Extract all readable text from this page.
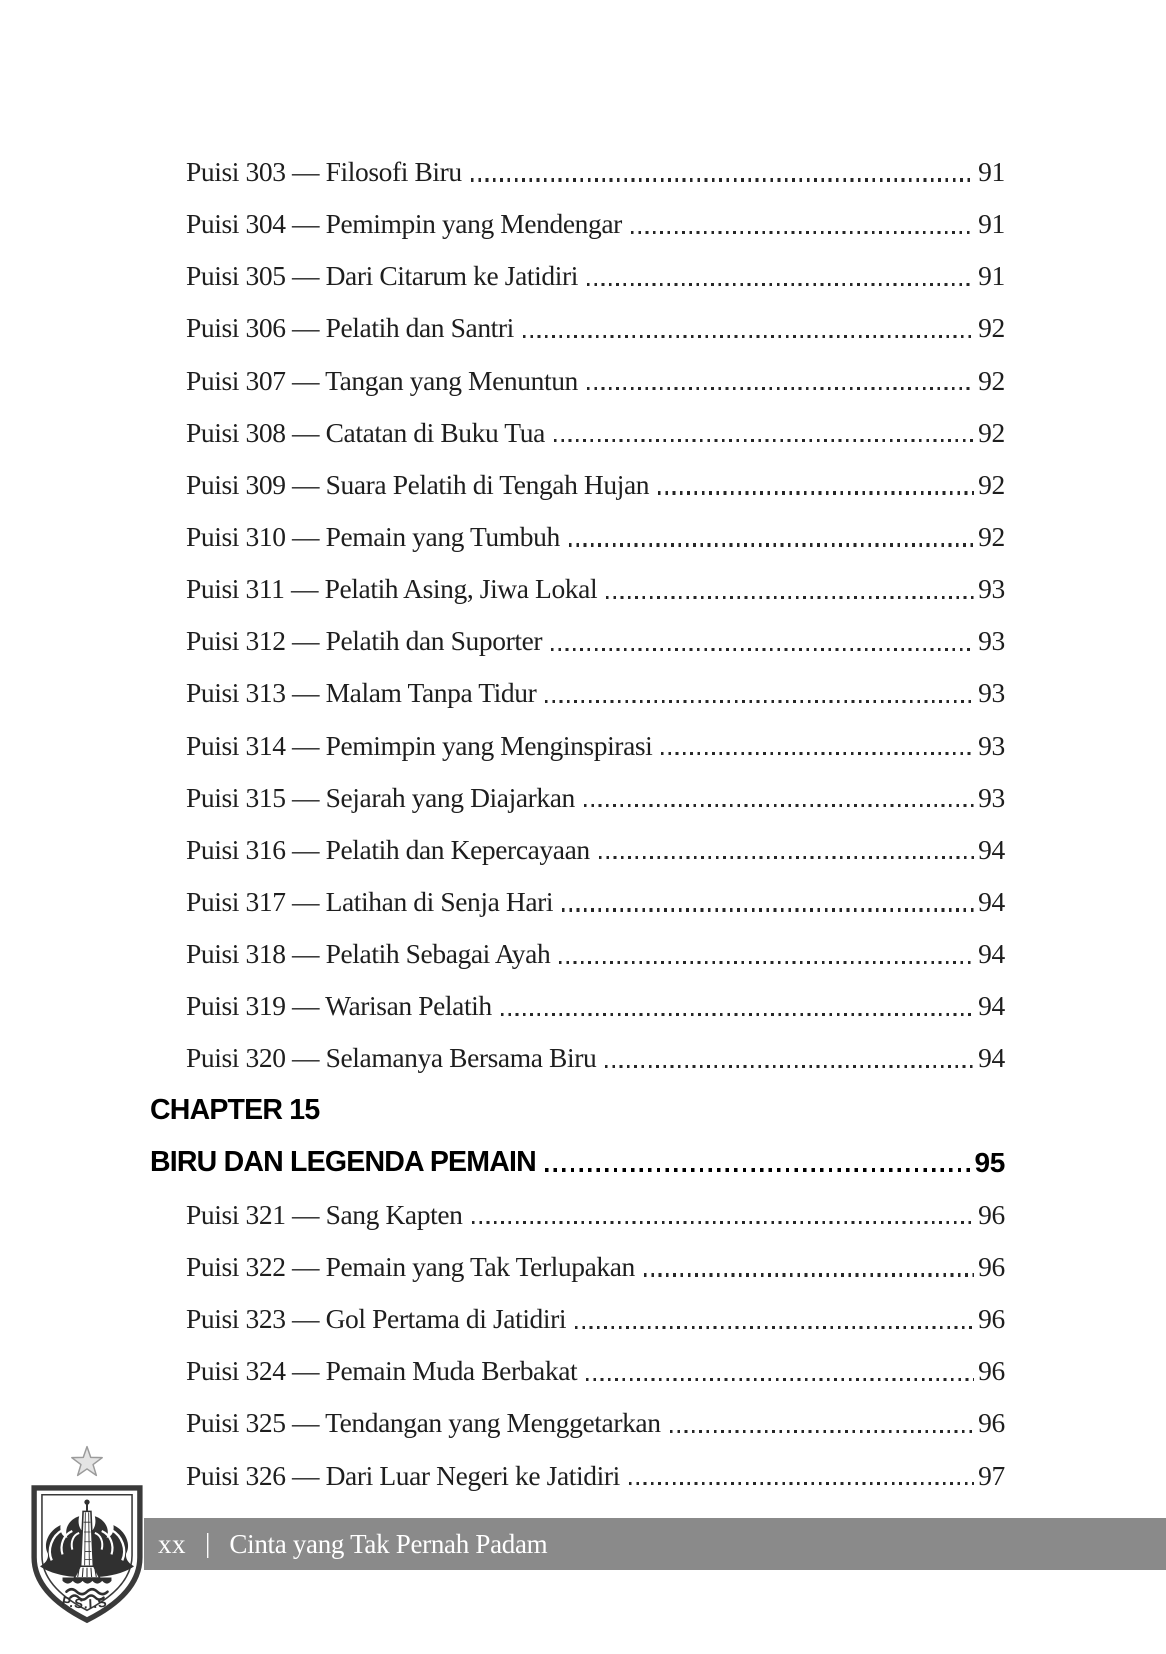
Puisi 303 — Filosofi Biru	91
Puisi 304 — Pemimpin yang Mendengar	91
Puisi 305 — Dari Citarum ke Jatidiri	91
Puisi 306 — Pelatih dan Santri	92
Puisi 307 — Tangan yang Menuntun	92
Puisi 308 — Catatan di Buku Tua	92
Puisi 309 — Suara Pelatih di Tengah Hujan	92
Puisi 310 — Pemain yang Tumbuh	92
Puisi 311 — Pelatih Asing, Jiwa Lokal	93
Puisi 312 — Pelatih dan Suporter	93
Puisi 313 — Malam Tanpa Tidur	93
Puisi 314 — Pemimpin yang Menginspirasi	93
Puisi 315 — Sejarah yang Diajarkan	93
Puisi 316 — Pelatih dan Kepercayaan	94
Puisi 317 — Latihan di Senja Hari	94
Puisi 318 — Pelatih Sebagai Ayah	94
Puisi 319 — Warisan Pelatih	94
Puisi 320 — Selamanya Bersama Biru	94
CHAPTER 15
BIRU DAN LEGENDA PEMAIN	95
Puisi 321 — Sang Kapten	96
Puisi 322 — Pemain yang Tak Terlupakan	96
Puisi 323 — Gol Pertama di Jatidiri	96
Puisi 324 — Pemain Muda Berbakat	96
Puisi 325 — Tendangan yang Menggetarkan	96
Puisi 326 — Dari Luar Negeri ke Jatidiri	97
P.S.I.S.
xx | Cinta yang Tak Pernah Padam
